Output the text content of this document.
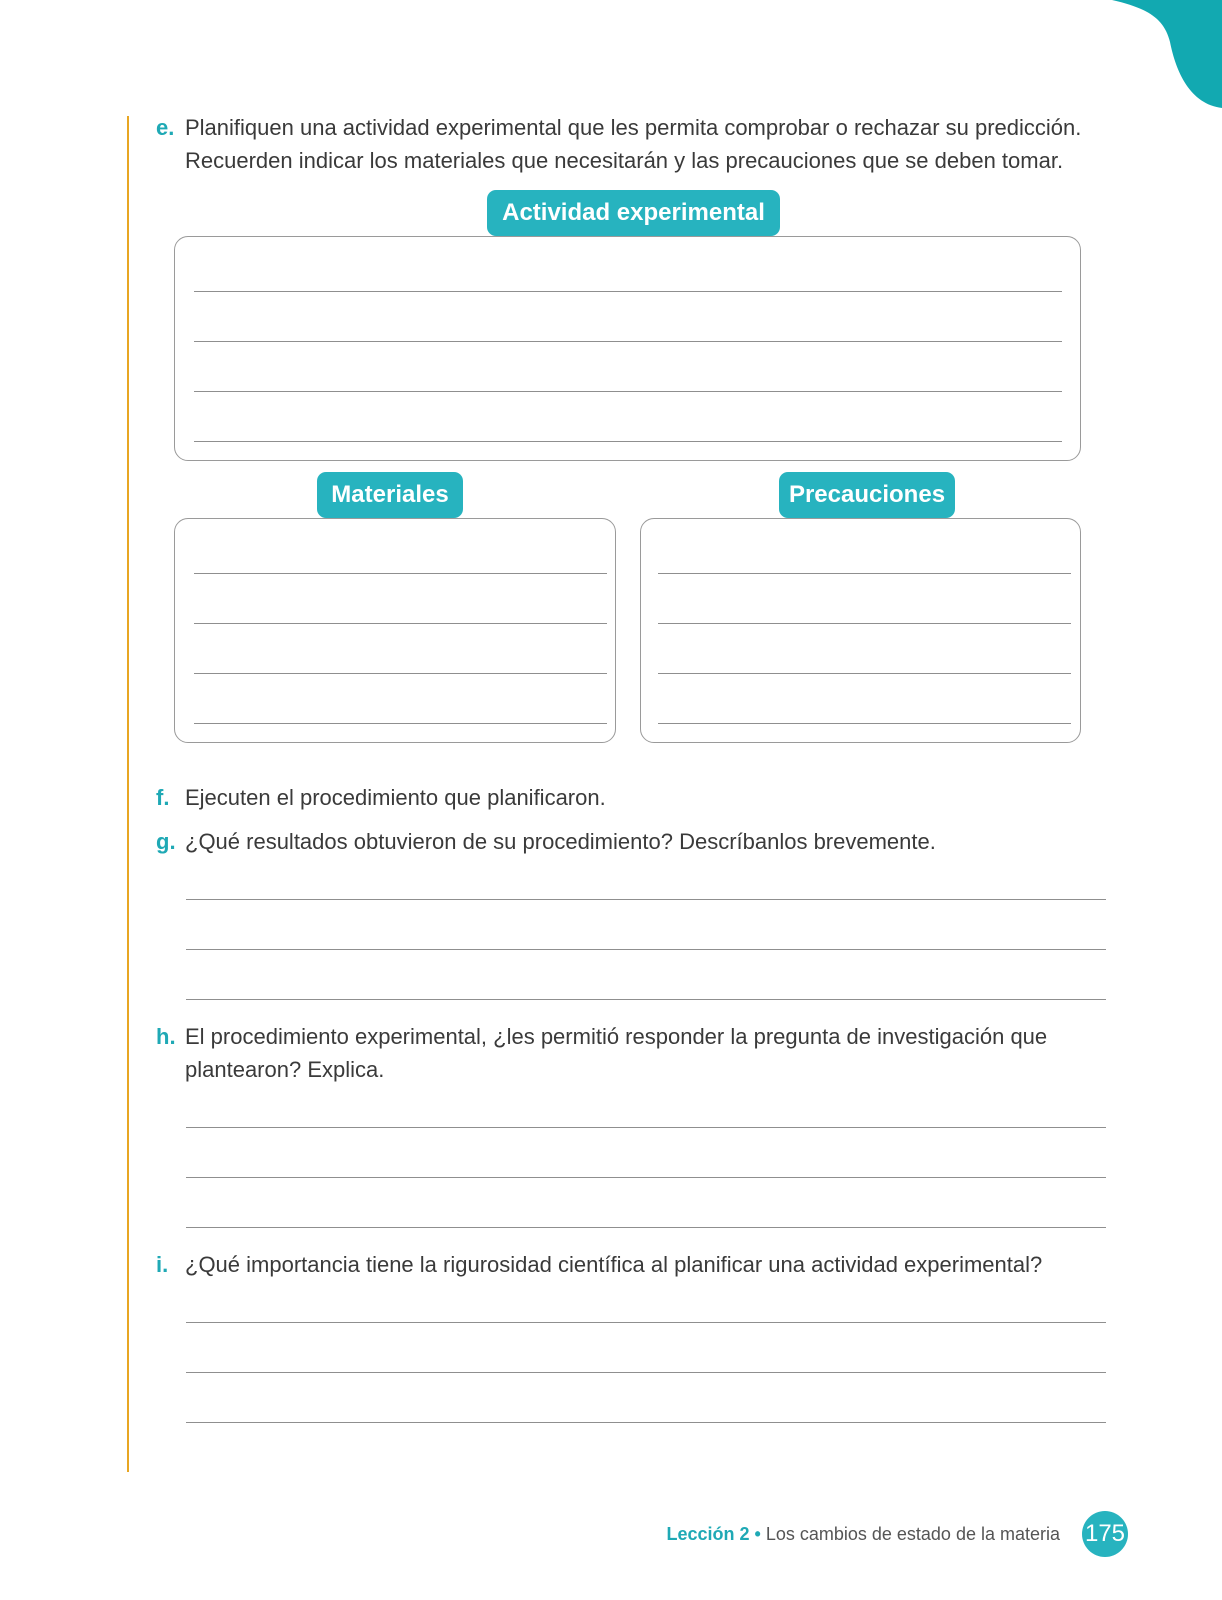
e. Planifiquen una actividad experimental que les permita comprobar o rechazar su predicción.
Recuerden indicar los materiales que necesitarán y las precauciones que se deben tomar.
Actividad experimental
Materiales	Precauciones
f. Ejecuten el procedimiento que planificaron.
g. ¿Qué resultados obtuvieron de su procedimiento? Descríbanlos brevemente.
h. El procedimiento experimental, ¿les permitió responder la pregunta de investigación que
plantearon? Explica.
i. ¿Qué importancia tiene la rigurosidad científica al planificar una actividad experimental?
Lección 2 • Los cambios de estado de la materia 175
